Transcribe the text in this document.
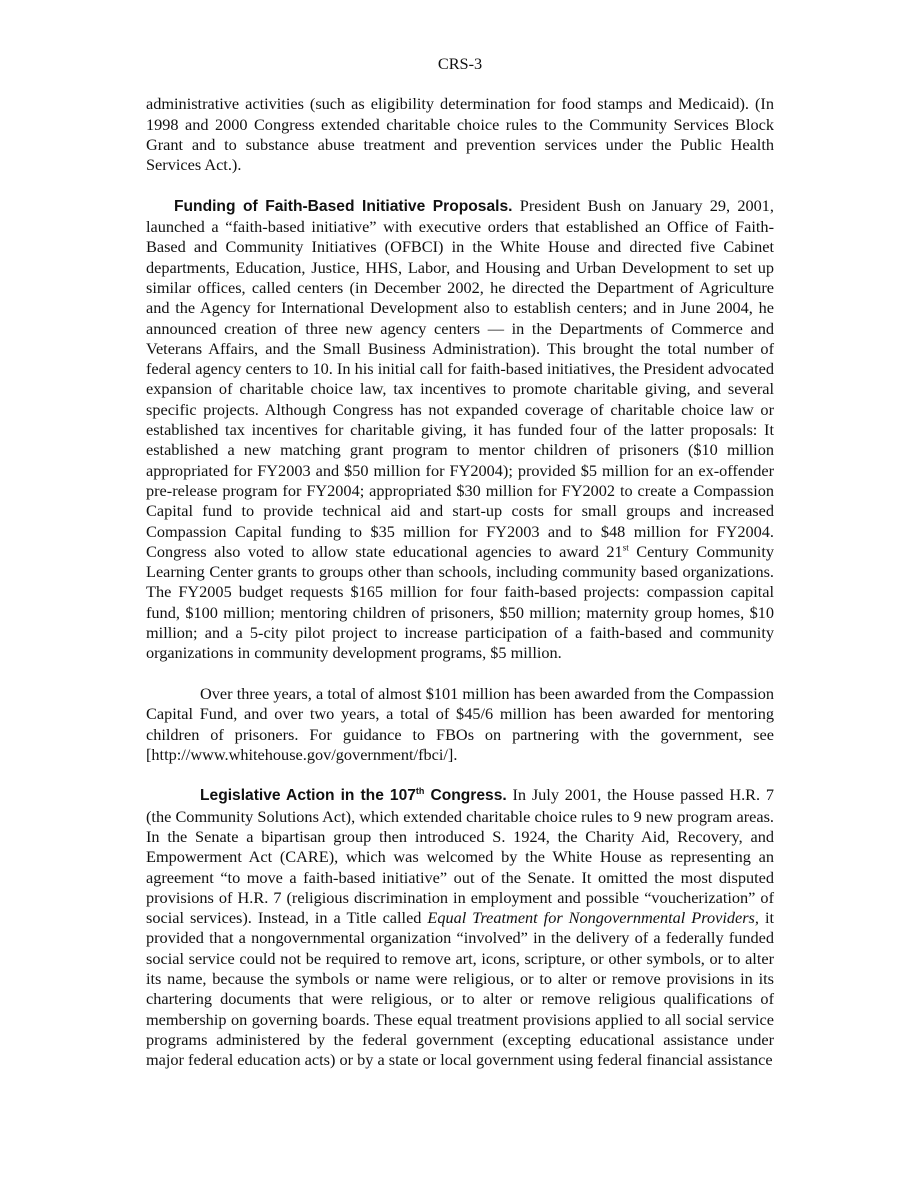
CRS-3

administrative activities (such as eligibility determination for food stamps and Medicaid). (In 1998 and 2000 Congress extended charitable choice rules to the Community Services Block Grant and to substance abuse treatment and prevention services under the Public Health Services Act.).

Funding of Faith-Based Initiative Proposals. President Bush on January 29, 2001, launched a “faith-based initiative” with executive orders that established an Office of Faith-Based and Community Initiatives (OFBCI) in the White House and directed five Cabinet departments, Education, Justice, HHS, Labor, and Housing and Urban Development to set up similar offices, called centers (in December 2002, he directed the Department of Agriculture and the Agency for International Development also to establish centers; and in June 2004, he announced creation of three new agency centers — in the Departments of Commerce and Veterans Affairs, and the Small Business Administration). This brought the total number of federal agency centers to 10. In his initial call for faith-based initiatives, the President advocated expansion of charitable choice law, tax incentives to promote charitable giving, and several specific projects. Although Congress has not expanded coverage of charitable choice law or established tax incentives for charitable giving, it has funded four of the latter proposals: It established a new matching grant program to mentor children of prisoners ($10 million appropriated for FY2003 and $50 million for FY2004); provided $5 million for an ex-offender pre-release program for FY2004; appropriated $30 million for FY2002 to create a Compassion Capital fund to provide technical aid and start-up costs for small groups and increased Compassion Capital funding to $35 million for FY2003 and to $48 million for FY2004. Congress also voted to allow state educational agencies to award 21st Century Community Learning Center grants to groups other than schools, including community based organizations. The FY2005 budget requests $165 million for four faith-based projects: compassion capital fund, $100 million; mentoring children of prisoners, $50 million; maternity group homes, $10 million; and a 5-city pilot project to increase participation of a faith-based and community organizations in community development programs, $5 million.

Over three years, a total of almost $101 million has been awarded from the Compassion Capital Fund, and over two years, a total of $45/6 million has been awarded for mentoring children of prisoners. For guidance to FBOs on partnering with the government, see [http://www.whitehouse.gov/government/fbci/].

Legislative Action in the 107th Congress. In July 2001, the House passed H.R. 7 (the Community Solutions Act), which extended charitable choice rules to 9 new program areas. In the Senate a bipartisan group then introduced S. 1924, the Charity Aid, Recovery, and Empowerment Act (CARE), which was welcomed by the White House as representing an agreement “to move a faith-based initiative” out of the Senate. It omitted the most disputed provisions of H.R. 7 (religious discrimination in employment and possible “voucherization” of social services). Instead, in a Title called Equal Treatment for Nongovernmental Providers, it provided that a nongovernmental organization “involved” in the delivery of a federally funded social service could not be required to remove art, icons, scripture, or other symbols, or to alter its name, because the symbols or name were religious, or to alter or remove provisions in its chartering documents that were religious, or to alter or remove religious qualifications of membership on governing boards. These equal treatment provisions applied to all social service programs administered by the federal government (excepting educational assistance under major federal education acts) or by a state or local government using federal financial assistance
